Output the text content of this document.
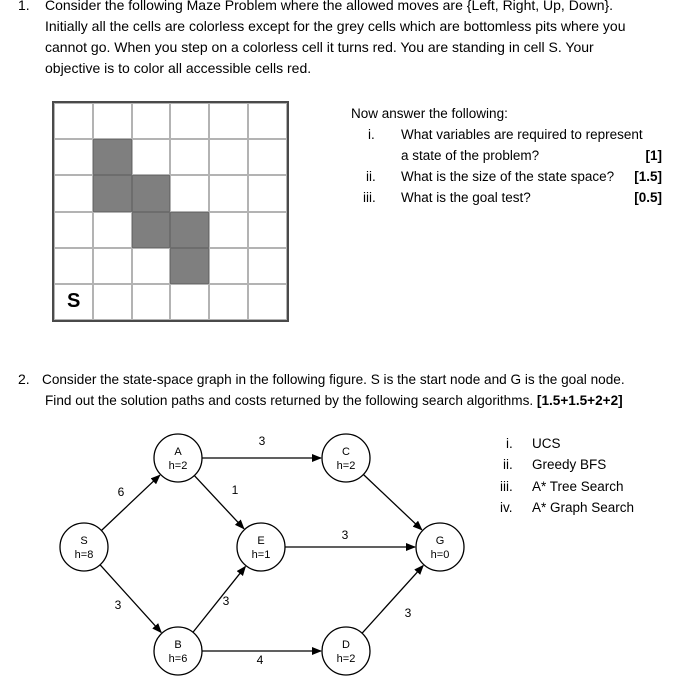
1. Consider the following Maze Problem where the allowed moves are {Left, Right, Up, Down}.
Initially all the cells are colorless except for the grey cells which are bottomless pits where you
cannot go. When you step on a colorless cell it turns red. You are standing in cell S. Your
objective is to color all accessible cells red.
S
Now answer the following:
i. What variables are required to represent
a state of the problem?	[1]
ii. What is the size of the state space? [1.5]
iii. What is the goal test?	[0.5]
2. Consider the state-space graph in the following figure. S is the start node and G is the goal node.
Find out the solution paths and costs returned by the following search algorithms. [1.5+1.5+2+2]
i. UCS
ii. Greedy BFS
iii. A* Tree Search
iv. A* Graph Search
6
3
3
1
3
4
3
3
S
h=8
A
h=2
B
h=6
C
h=2
E
h=1
D
h=2
G
h=0
